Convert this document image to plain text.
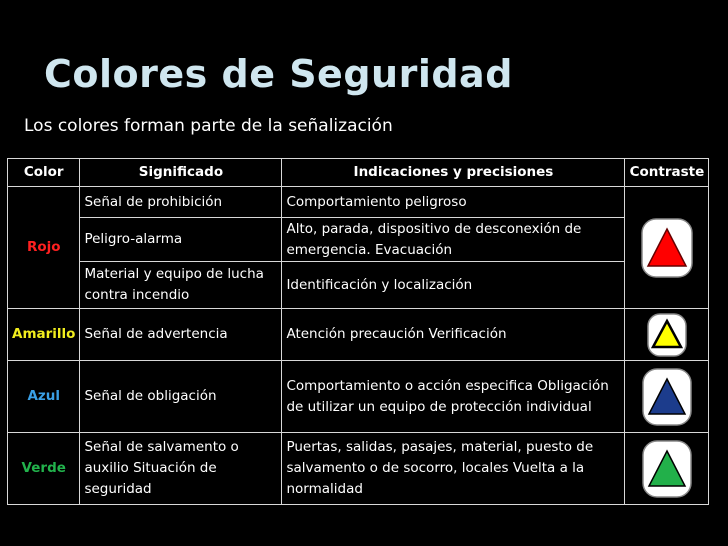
Colores de Seguridad
Los colores forman parte de la señalización
Color	Significado	Indicaciones y precisiones	Contraste
Rojo	Señal de prohibición	Comportamiento peligroso	

	Peligro-alarma	Alto, parada, dispositivo de desconexión de emergencia. Evacuación	
	Material y equipo de lucha contra incendio	Identificación y localización	
Amarillo	Señal de advertencia	Atención precaución Verificación	

Azul	Señal de obligación	Comportamiento o acción especifica Obligación de utilizar un equipo de protección individual	

Verde	Señal de salvamento o auxilio Situación de seguridad	Puertas, salidas, pasajes, material, puesto de salvamento o de socorro, locales Vuelta a la normalidad	
